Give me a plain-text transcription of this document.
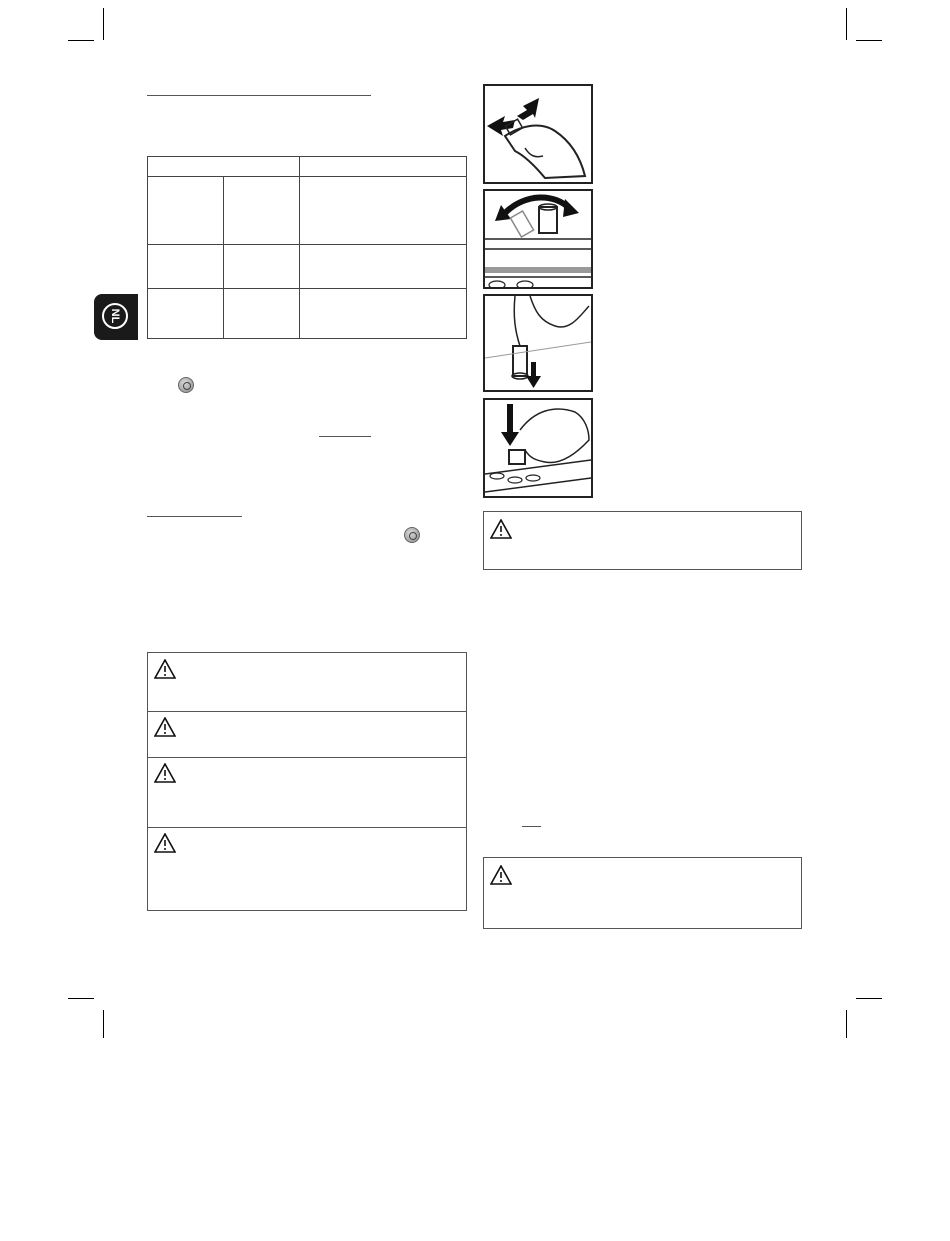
NL
